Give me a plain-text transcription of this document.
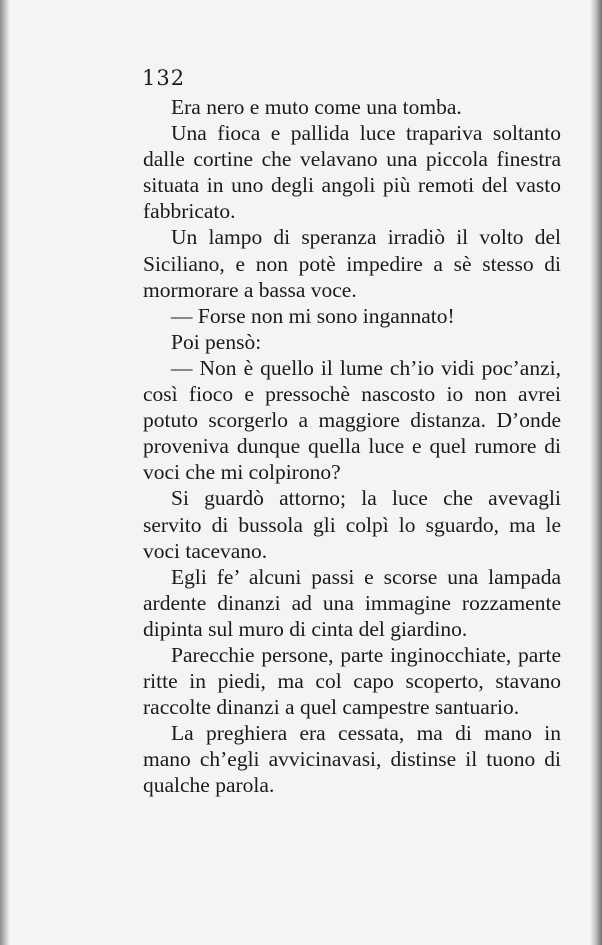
132

Era nero e muto come una tomba.

Una fioca e pallida luce trapariva soltanto dalle cortine che velavano una piccola finestra situata in uno degli angoli più remoti del vasto fabbricato.

Un lampo di speranza irradiò il volto del Siciliano, e non potè impedire a sè stesso di mormorare a bassa voce.

— Forse non mi sono ingannato!

Poi pensò:

— Non è quello il lume ch’io vidi poc’anzi, così fioco e pressochè nascosto io non avrei potuto scorgerlo a maggiore distanza. D’onde proveniva dunque quella luce e quel rumore di voci che mi colpirono?

Si guardò attorno; la luce che avevagli servito di bussola gli colpì lo sguardo, ma le voci tacevano.

Egli fe’ alcuni passi e scorse una lampada ardente dinanzi ad una immagine rozzamente dipinta sul muro di cinta del giardino.

Parecchie persone, parte inginocchiate, parte ritte in piedi, ma col capo scoperto, stavano raccolte dinanzi a quel campestre santuario.

La preghiera era cessata, ma di mano in mano ch’egli avvicinavasi, distinse il tuono di qualche parola.
